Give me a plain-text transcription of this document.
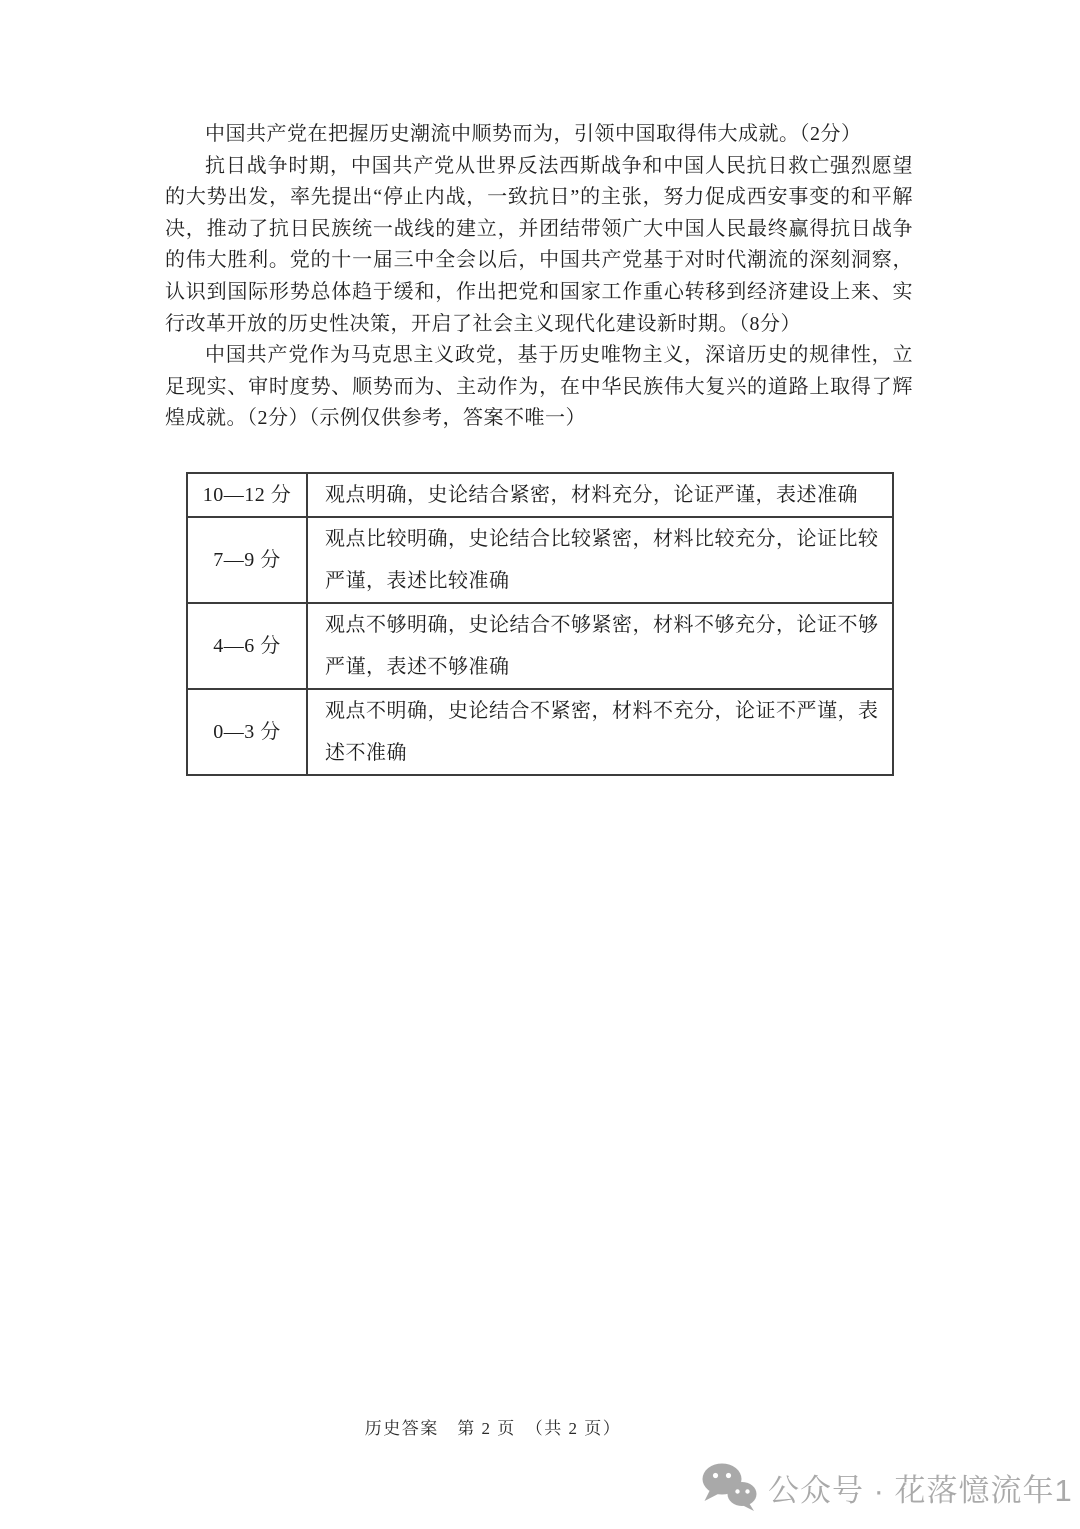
中国共产党在把握历史潮流中顺势而为，引领中国取得伟大成就。（2分）

抗日战争时期，中国共产党从世界反法西斯战争和中国人民抗日救亡强烈愿望的大势出发，率先提出“停止内战，一致抗日”的主张，努力促成西安事变的和平解决，推动了抗日民族统一战线的建立，并团结带领广大中国人民最终赢得抗日战争的伟大胜利。党的十一届三中全会以后，中国共产党基于对时代潮流的深刻洞察，认识到国际形势总体趋于缓和，作出把党和国家工作重心转移到经济建设上来、实行改革开放的历史性决策，开启了社会主义现代化建设新时期。（8分）

中国共产党作为马克思主义政党，基于历史唯物主义，深谙历史的规律性，立足现实、审时度势、顺势而为、主动作为，在中华民族伟大复兴的道路上取得了辉煌成就。（2分）（示例仅供参考，答案不唯一）

10—12 分	观点明确，史论结合紧密，材料充分，论证严谨，表述准确
7—9 分	观点比较明确，史论结合比较紧密，材料比较充分，论证比较严谨，表述比较准确
4—6 分	观点不够明确，史论结合不够紧密，材料不够充分，论证不够严谨，表述不够准确
0—3 分	观点不明确，史论结合不紧密，材料不充分，论证不严谨，表述不准确
历史答案　第 2 页　（共 2 页）
公众号 · 花落憶流年1
